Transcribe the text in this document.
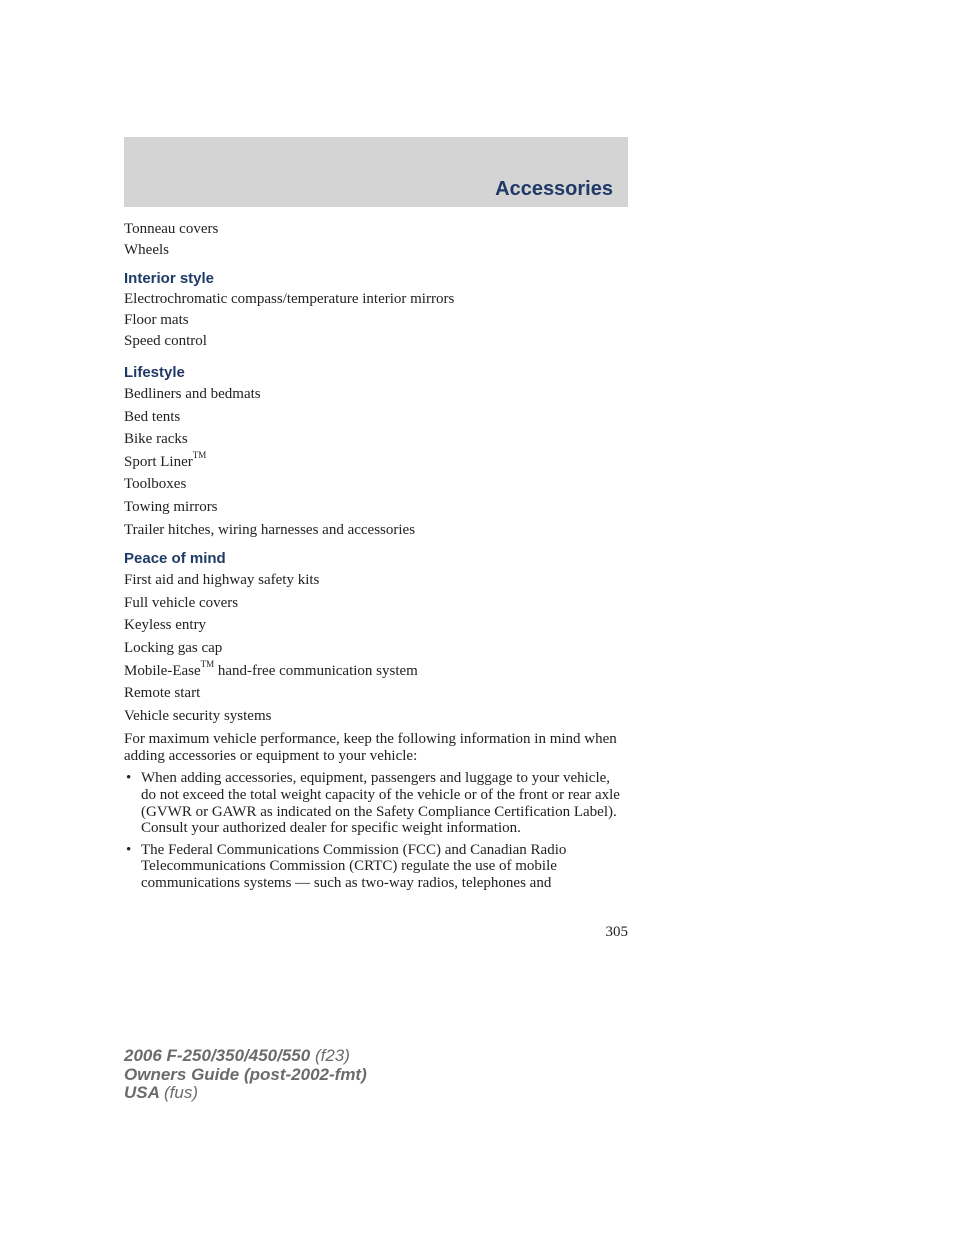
Accessories
Tonneau covers
Wheels
Interior style
Electrochromatic compass/temperature interior mirrors
Floor mats
Speed control
Lifestyle
Bedliners and bedmats
Bed tents
Bike racks
Sport Liner™
Toolboxes
Towing mirrors
Trailer hitches, wiring harnesses and accessories
Peace of mind
First aid and highway safety kits
Full vehicle covers
Keyless entry
Locking gas cap
Mobile-Ease™ hand-free communication system
Remote start
Vehicle security systems
For maximum vehicle performance, keep the following information in mind when adding accessories or equipment to your vehicle:
• When adding accessories, equipment, passengers and luggage to your vehicle, do not exceed the total weight capacity of the vehicle or of the front or rear axle (GVWR or GAWR as indicated on the Safety Compliance Certification Label). Consult your authorized dealer for specific weight information.
• The Federal Communications Commission (FCC) and Canadian Radio Telecommunications Commission (CRTC) regulate the use of mobile communications systems — such as two-way radios, telephones and
305
2006 F-250/350/450/550 (f23)
Owners Guide (post-2002-fmt)
USA (fus)
